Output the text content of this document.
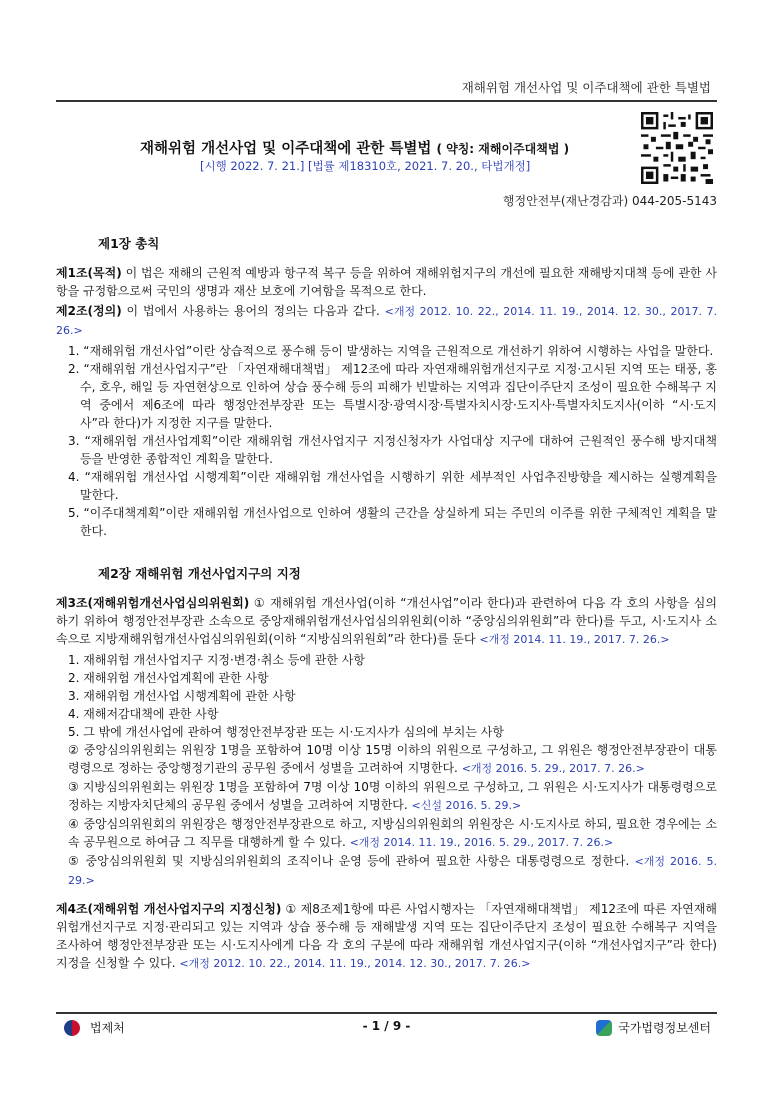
재해위험 개선사업 및 이주대책에 관한 특별법
재해위험 개선사업 및 이주대책에 관한 특별법 ( 약칭: 재해이주대책법 )
[시행 2022. 7. 21.] [법률 제18310호, 2021. 7. 20., 타법개정]
행정안전부(재난경감과) 044-205-5143
제1장 총칙
제1조(목적) 이 법은 재해의 근원적 예방과 항구적 복구 등을 위하여 재해위험지구의 개선에 필요한 재해방지대책 등에 관한 사항을 규정함으로써 국민의 생명과 재산 보호에 기여함을 목적으로 한다.
제2조(정의) 이 법에서 사용하는 용어의 정의는 다음과 같다. <개정 2012. 10. 22., 2014. 11. 19., 2014. 12. 30., 2017. 7. 26.>
1. “재해위험 개선사업”이란 상습적으로 풍수해 등이 발생하는 지역을 근원적으로 개선하기 위하여 시행하는 사업을 말한다.
2. “재해위험 개선사업지구”란 「자연재해대책법」 제12조에 따라 자연재해위험개선지구로 지정·고시된 지역 또는 태풍, 홍수, 호우, 해일 등 자연현상으로 인하여 상습 풍수해 등의 피해가 빈발하는 지역과 집단이주단지 조성이 필요한 수해복구 지역 중에서 제6조에 따라 행정안전부장관 또는 특별시장·광역시장·특별자치시장·도지사·특별자치도지사(이하 “시·도지사”라 한다)가 지정한 지구를 말한다.
3. “재해위험 개선사업계획”이란 재해위험 개선사업지구 지정신청자가 사업대상 지구에 대하여 근원적인 풍수해 방지대책 등을 반영한 종합적인 계획을 말한다.
4. “재해위험 개선사업 시행계획”이란 재해위험 개선사업을 시행하기 위한 세부적인 사업추진방향을 제시하는 실행계획을 말한다.
5. “이주대책계획”이란 재해위험 개선사업으로 인하여 생활의 근간을 상실하게 되는 주민의 이주를 위한 구체적인 계획을 말한다.
제2장 재해위험 개선사업지구의 지정
제3조(재해위험개선사업심의위원회) ① 재해위험 개선사업(이하 “개선사업”이라 한다)과 관련하여 다음 각 호의 사항을 심의하기 위하여 행정안전부장관 소속으로 중앙재해위험개선사업심의위원회(이하 “중앙심의위원회”라 한다)를 두고, 시·도지사 소속으로 지방재해위험개선사업심의위원회(이하 “지방심의위원회”라 한다)를 둔다 <개정 2014. 11. 19., 2017. 7. 26.>
1. 재해위험 개선사업지구 지정·변경·취소 등에 관한 사항
2. 재해위험 개선사업계획에 관한 사항
3. 재해위험 개선사업 시행계획에 관한 사항
4. 재해저감대책에 관한 사항
5. 그 밖에 개선사업에 관하여 행정안전부장관 또는 시·도지사가 심의에 부치는 사항
② 중앙심의위원회는 위원장 1명을 포함하여 10명 이상 15명 이하의 위원으로 구성하고, 그 위원은 행정안전부장관이 대통령령으로 정하는 중앙행정기관의 공무원 중에서 성별을 고려하여 지명한다. <개정 2016. 5. 29., 2017. 7. 26.>
③ 지방심의위원회는 위원장 1명을 포함하여 7명 이상 10명 이하의 위원으로 구성하고, 그 위원은 시·도지사가 대통령령으로 정하는 지방자치단체의 공무원 중에서 성별을 고려하여 지명한다. <신설 2016. 5. 29.>
④ 중앙심의위원회의 위원장은 행정안전부장관으로 하고, 지방심의위원회의 위원장은 시·도지사로 하되, 필요한 경우에는 소속 공무원으로 하여금 그 직무를 대행하게 할 수 있다. <개정 2014. 11. 19., 2016. 5. 29., 2017. 7. 26.>
⑤ 중앙심의위원회 및 지방심의위원회의 조직이나 운영 등에 관하여 필요한 사항은 대통령령으로 정한다. <개정 2016. 5. 29.>
제4조(재해위험 개선사업지구의 지정신청) ① 제8조제1항에 따른 사업시행자는 「자연재해대책법」 제12조에 따른 자연재해위험개선지구로 지정·관리되고 있는 지역과 상습 풍수해 등 재해발생 지역 또는 집단이주단지 조성이 필요한 수해복구 지역을 조사하여 행정안전부장관 또는 시·도지사에게 다음 각 호의 구분에 따라 재해위험 개선사업지구(이하 “개선사업지구”라 한다)지정을 신청할 수 있다. <개정 2012. 10. 22., 2014. 11. 19., 2014. 12. 30., 2017. 7. 26.>
법제처	- 1 / 9 -	국가법령정보센터
